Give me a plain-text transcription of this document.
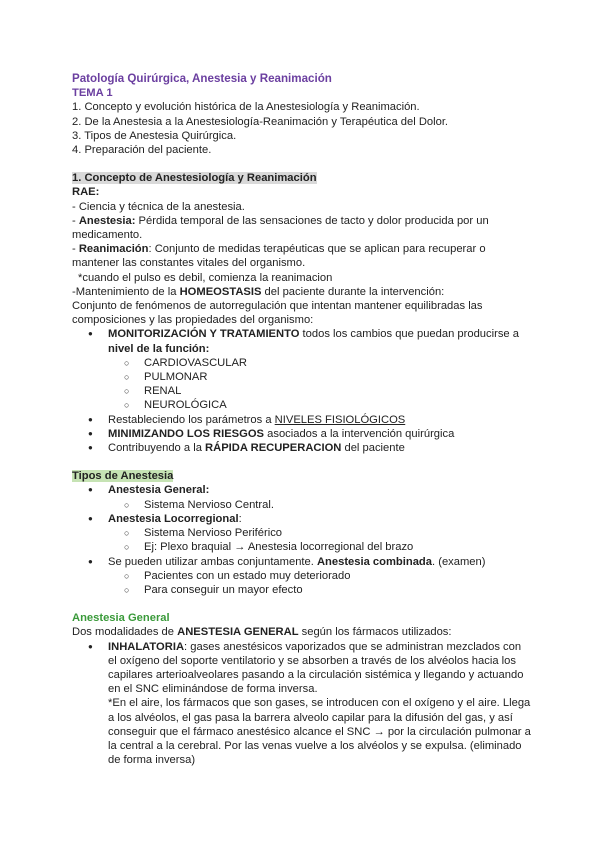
Patología Quirúrgica, Anestesia y Reanimación

TEMA 1

1. Concepto y evolución histórica de la Anestesiología y Reanimación.

2. De la Anestesia a la Anestesiología-Reanimación y Terapéutica del Dolor.

3. Tipos de Anestesia Quirúrgica.

4. Preparación del paciente.

1. Concepto de Anestesiología y Reanimación

RAE:

- Ciencia y técnica de la anestesia.

- Anestesia: Pérdida temporal de las sensaciones de tacto y dolor producida por un medicamento.

- Reanimación: Conjunto de medidas terapéuticas que se aplican para recuperar o mantener las constantes vitales del organismo.

*cuando el pulso es debil, comienza la reanimacion

-Mantenimiento de la HOMEOSTASIS del paciente durante la intervención:

Conjunto de fenómenos de autorregulación que intentan mantener equilibradas las composiciones y las propiedades del organismo:

● MONITORIZACIÓN Y TRATAMIENTO todos los cambios que puedan producirse a nivel de la función:
○ CARDIOVASCULAR
○ PULMONAR
○ RENAL
○ NEUROLÓGICA
● Restableciendo los parámetros a NIVELES FISIOLÓGICOS
● MINIMIZANDO LOS RIESGOS asociados a la intervención quirúrgica
● Contribuyendo a la RÁPIDA RECUPERACION del paciente

Tipos de Anestesia

● Anestesia General:
○ Sistema Nervioso Central.
● Anestesia Locorregional:
○ Sistema Nervioso Periférico
○ Ej: Plexo braquial → Anestesia locorregional del brazo
● Se pueden utilizar ambas conjuntamente. Anestesia combinada. (examen)
○ Pacientes con un estado muy deteriorado
○ Para conseguir un mayor efecto

Anestesia General

Dos modalidades de ANESTESIA GENERAL según los fármacos utilizados:

● INHALATORIA: gases anestésicos vaporizados que se administran mezclados con el oxígeno del soporte ventilatorio y se absorben a través de los alvéolos hacia los capilares arterioalveolares pasando a la circulación sistémica y llegando y actuando en el SNC eliminándose de forma inversa.

*En el aire, los fármacos que son gases, se introducen con el oxígeno y el aire. Llega a los alvéolos, el gas pasa la barrera alveolo capilar para la difusión del gas, y así conseguir que el fármaco anestésico alcance el SNC → por la circulación pulmonar a la central a la cerebral. Por las venas vuelve a los alvéolos y se expulsa. (eliminado de forma inversa)
